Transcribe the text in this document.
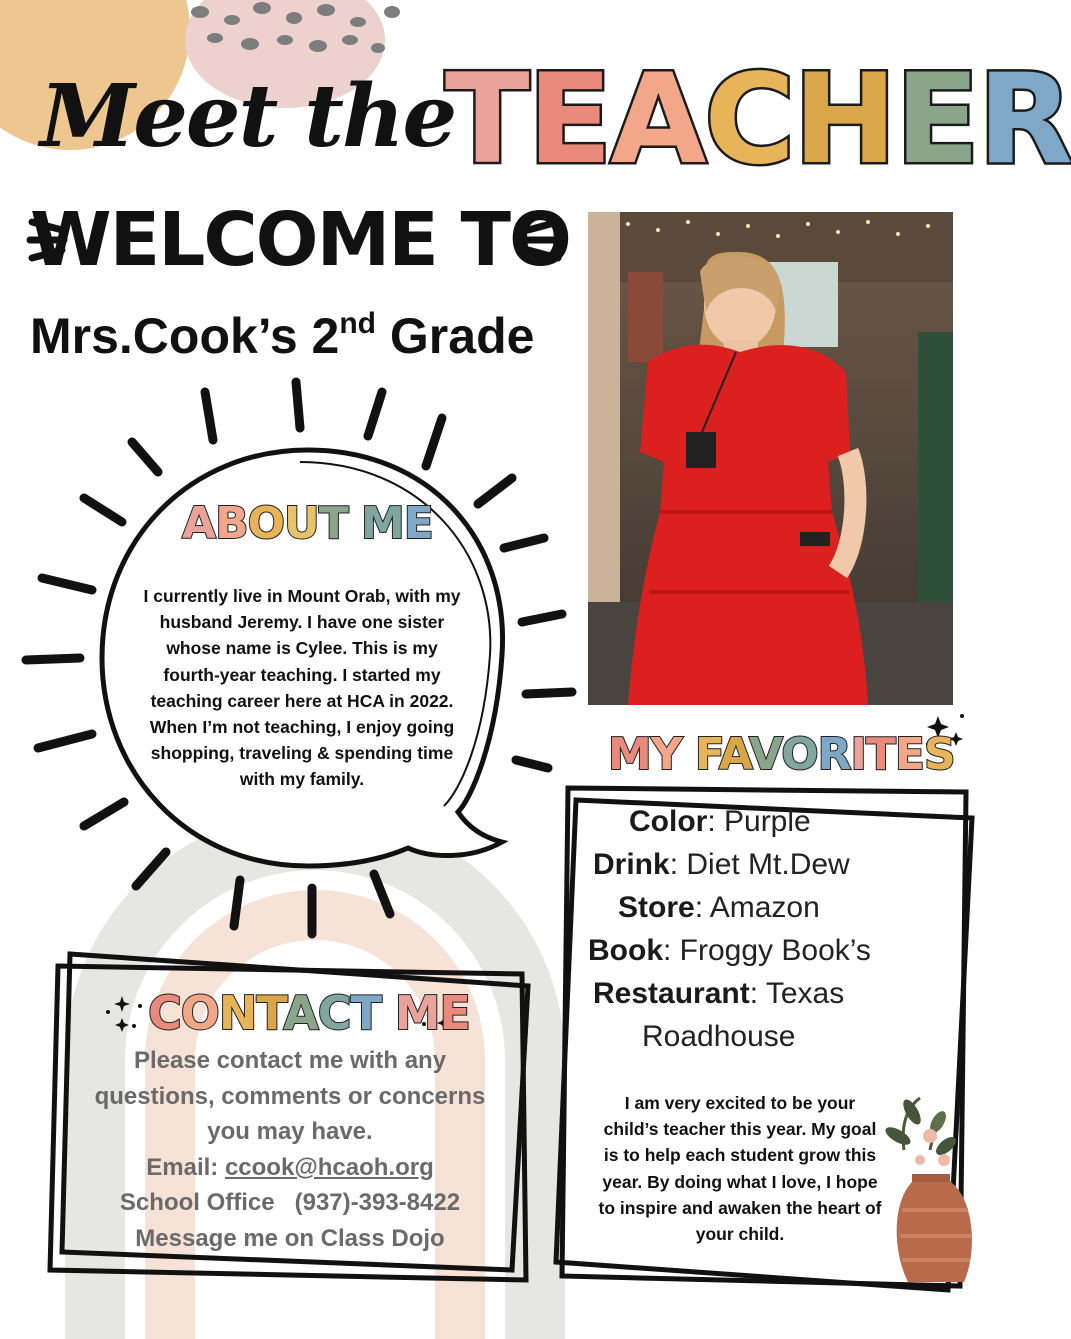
Meet the
TEACHER
WELCOME TO
Mrs.Cook’s 2nd Grade
ABOUT ME
I currently live in Mount Orab, with my
husband Jeremy. I have one sister
whose name is Cylee. This is my
fourth-year teaching. I started my
teaching career here at HCA in 2022.
When I’m not teaching, I enjoy going
shopping, traveling & spending time
with my family.	MY FAVORITES
Color: Purple
Drink: Diet Mt.Dew
Store: Amazon
Book: Froggy Book’s
Restaurant: Texas
Roadhouse
I am very excited to be your
child’s teacher this year. My goal
is to help each student grow this
year. By doing what I love, I hope
to inspire and awaken the heart of
your child.
CONTACT ME
Please contact me with any
questions, comments or concerns
you may have.
Email: ccook@hcaoh.org
School Office   (937)-393-8422
Message me on Class Dojo
